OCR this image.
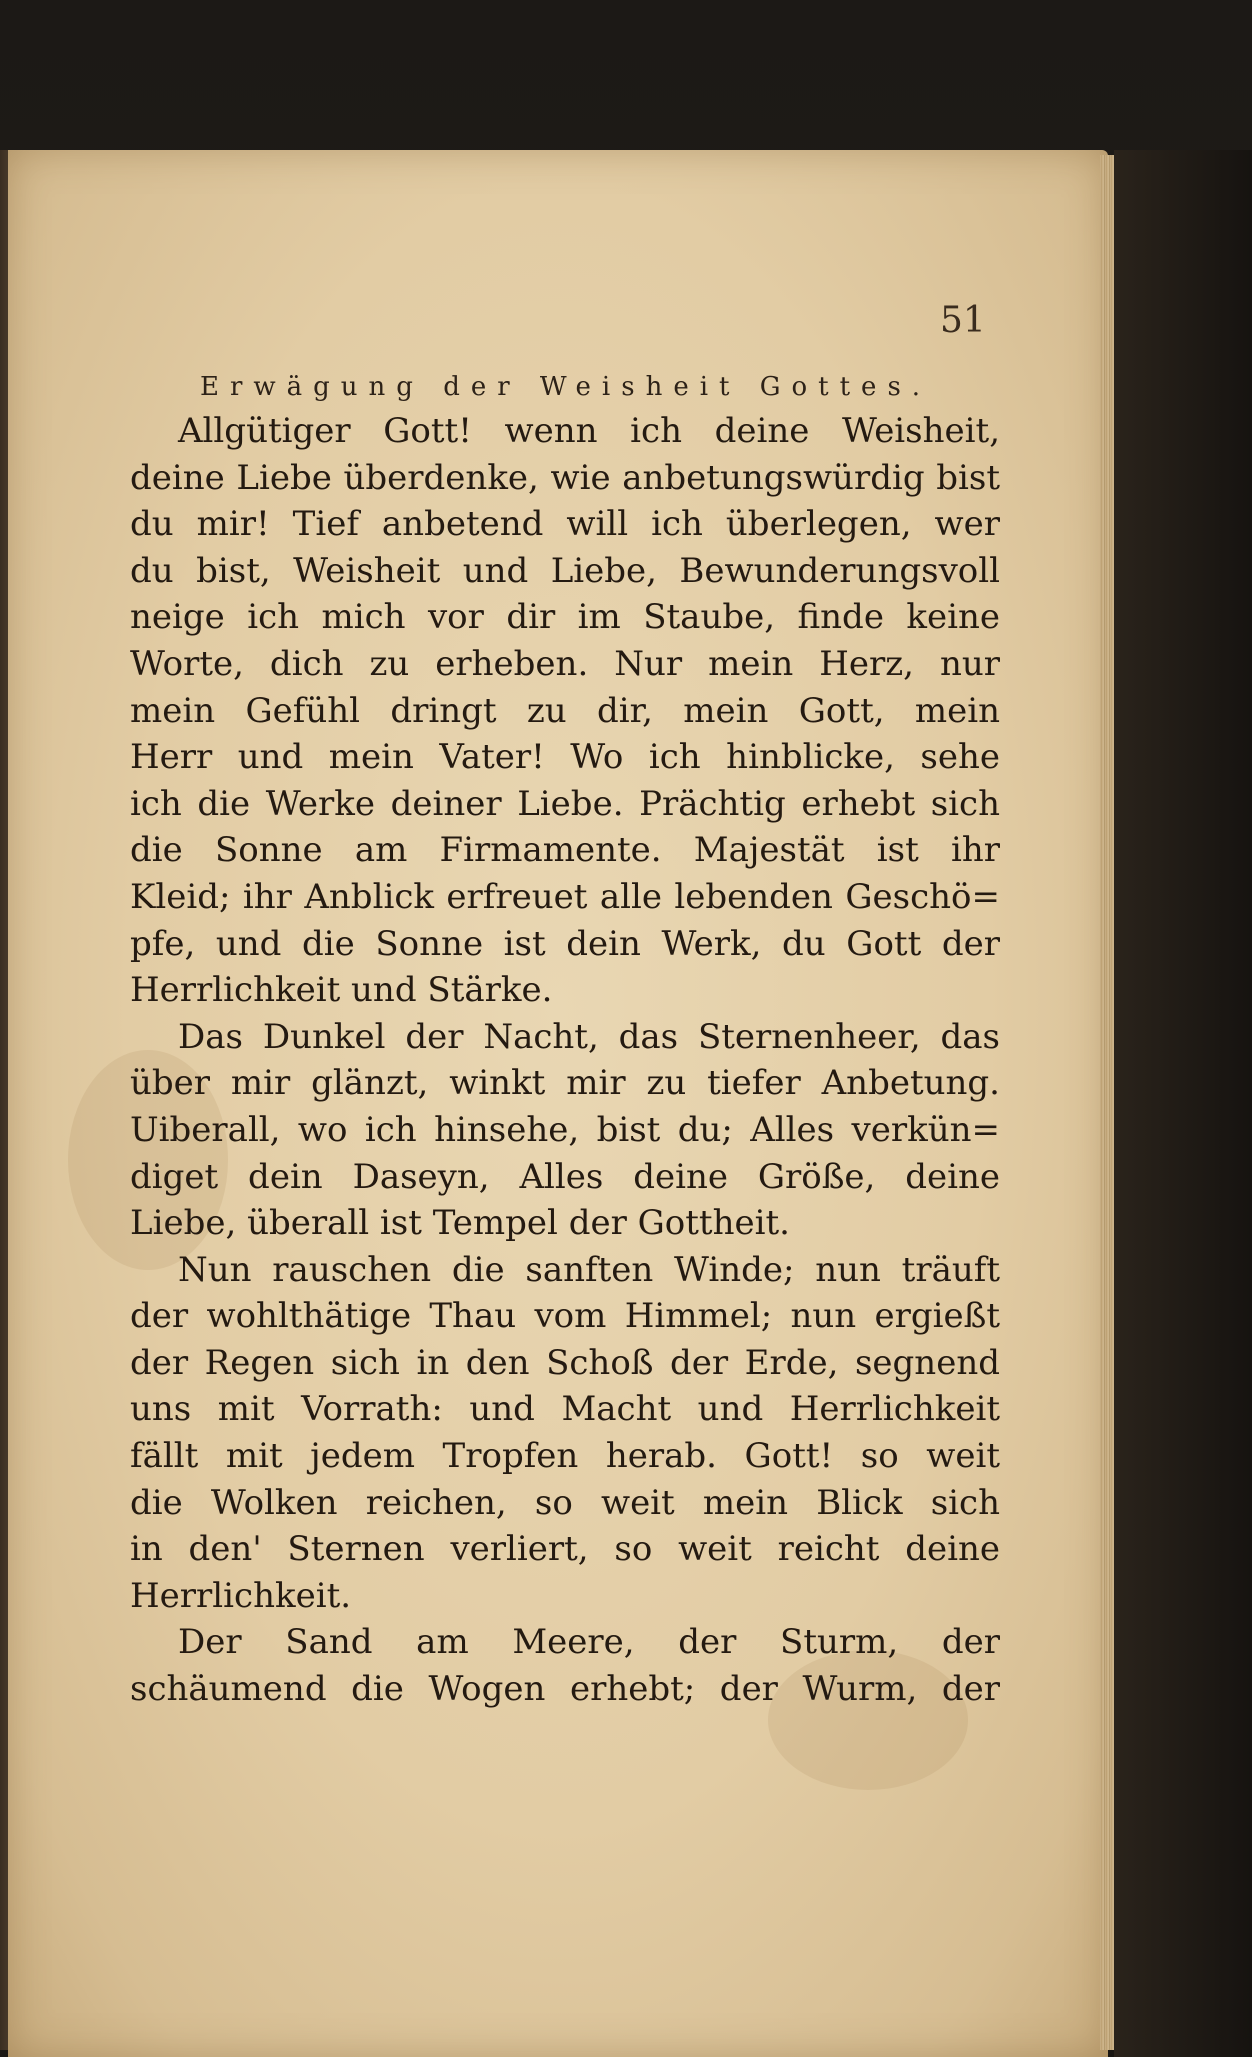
51
Erwägung der Weisheit Gottes.
Allgütiger Gott! wenn ich deine Weisheit,
deine Liebe überdenke, wie anbetungswürdig bist
du mir! Tief anbetend will ich überlegen, wer
du bist, Weisheit und Liebe, Bewunderungsvoll
neige ich mich vor dir im Staube, finde keine
Worte, dich zu erheben. Nur mein Herz, nur
mein Gefühl dringt zu dir, mein Gott, mein
Herr und mein Vater! Wo ich hinblicke, sehe
ich die Werke deiner Liebe. Prächtig erhebt sich
die Sonne am Firmamente. Majestät ist ihr
Kleid; ihr Anblick erfreuet alle lebenden Geschö=
pfe, und die Sonne ist dein Werk, du Gott der
Herrlichkeit und Stärke.
Das Dunkel der Nacht, das Sternenheer, das
über mir glänzt, winkt mir zu tiefer Anbetung.
Uiberall, wo ich hinsehe, bist du; Alles verkün=
diget dein Daseyn, Alles deine Größe, deine
Liebe, überall ist Tempel der Gottheit.
Nun rauschen die sanften Winde; nun träuft
der wohlthätige Thau vom Himmel; nun ergießt
der Regen sich in den Schoß der Erde, segnend
uns mit Vorrath: und Macht und Herrlichkeit
fällt mit jedem Tropfen herab. Gott! so weit
die Wolken reichen, so weit mein Blick sich
in den' Sternen verliert, so weit reicht deine
Herrlichkeit.
Der Sand am Meere, der Sturm, der
schäumend die Wogen erhebt; der Wurm, der
